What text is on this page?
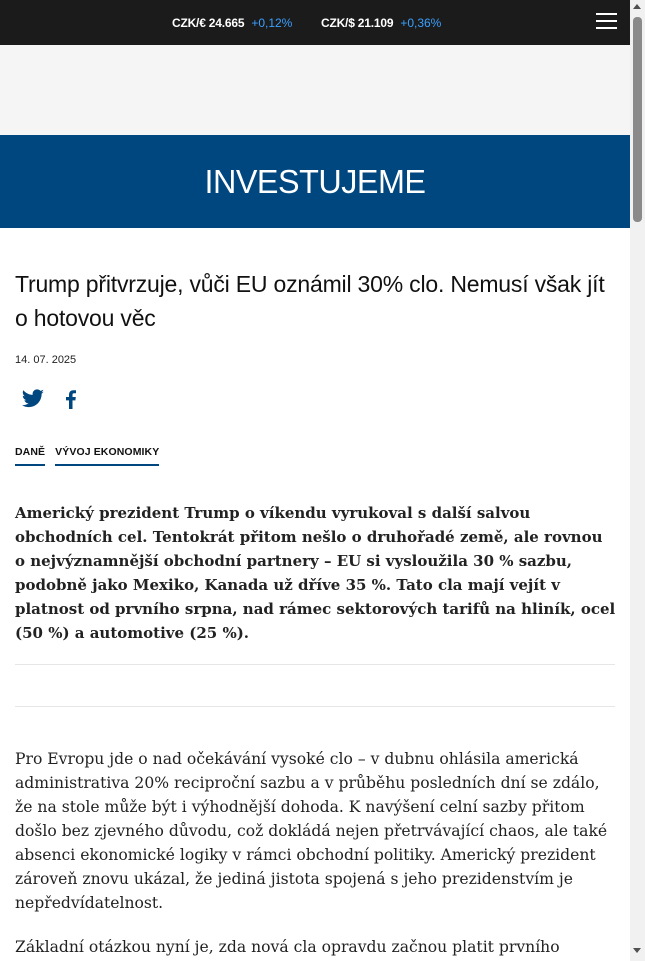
CZK/€ 24.665 +0,12% CZK/$ 21.109 +0,36%
INVESTUJEME
Trump přitvrzuje, vůči EU oznámil 30% clo. Nemusí však jít o hotovou věc
14. 07. 2025
DANĚ VÝVOJ EKONOMIKY

Americký prezident Trump o víkendu vyrukoval s další salvou obchodních cel. Tentokrát přitom nešlo o druhořadé země, ale rovnou o nejvýznamnější obchodní partnery – EU si vysloužila 30 % sazbu, podobně jako Mexiko, Kanada už dříve 35 %. Tato cla mají vejít v platnost od prvního srpna, nad rámec sektorových tarifů na hliník, ocel (50 %) a automotive (25 %).

Pro Evropu jde o nad očekávání vysoké clo – v dubnu ohlásila americká administrativa 20% reciproční sazbu a v průběhu posledních dní se zdálo, že na stole může být i výhodnější dohoda. K navýšení celní sazby přitom došlo bez zjevného důvodu, což dokládá nejen přetrvávající chaos, ale také absenci ekonomické logiky v rámci obchodní politiky. Americký prezident zároveň znovu ukázal, že jediná jistota spojená s jeho prezidenstvím je nepředvídatelnost.

Základní otázkou nyní je, zda nová cla opravdu začnou platit prvního
